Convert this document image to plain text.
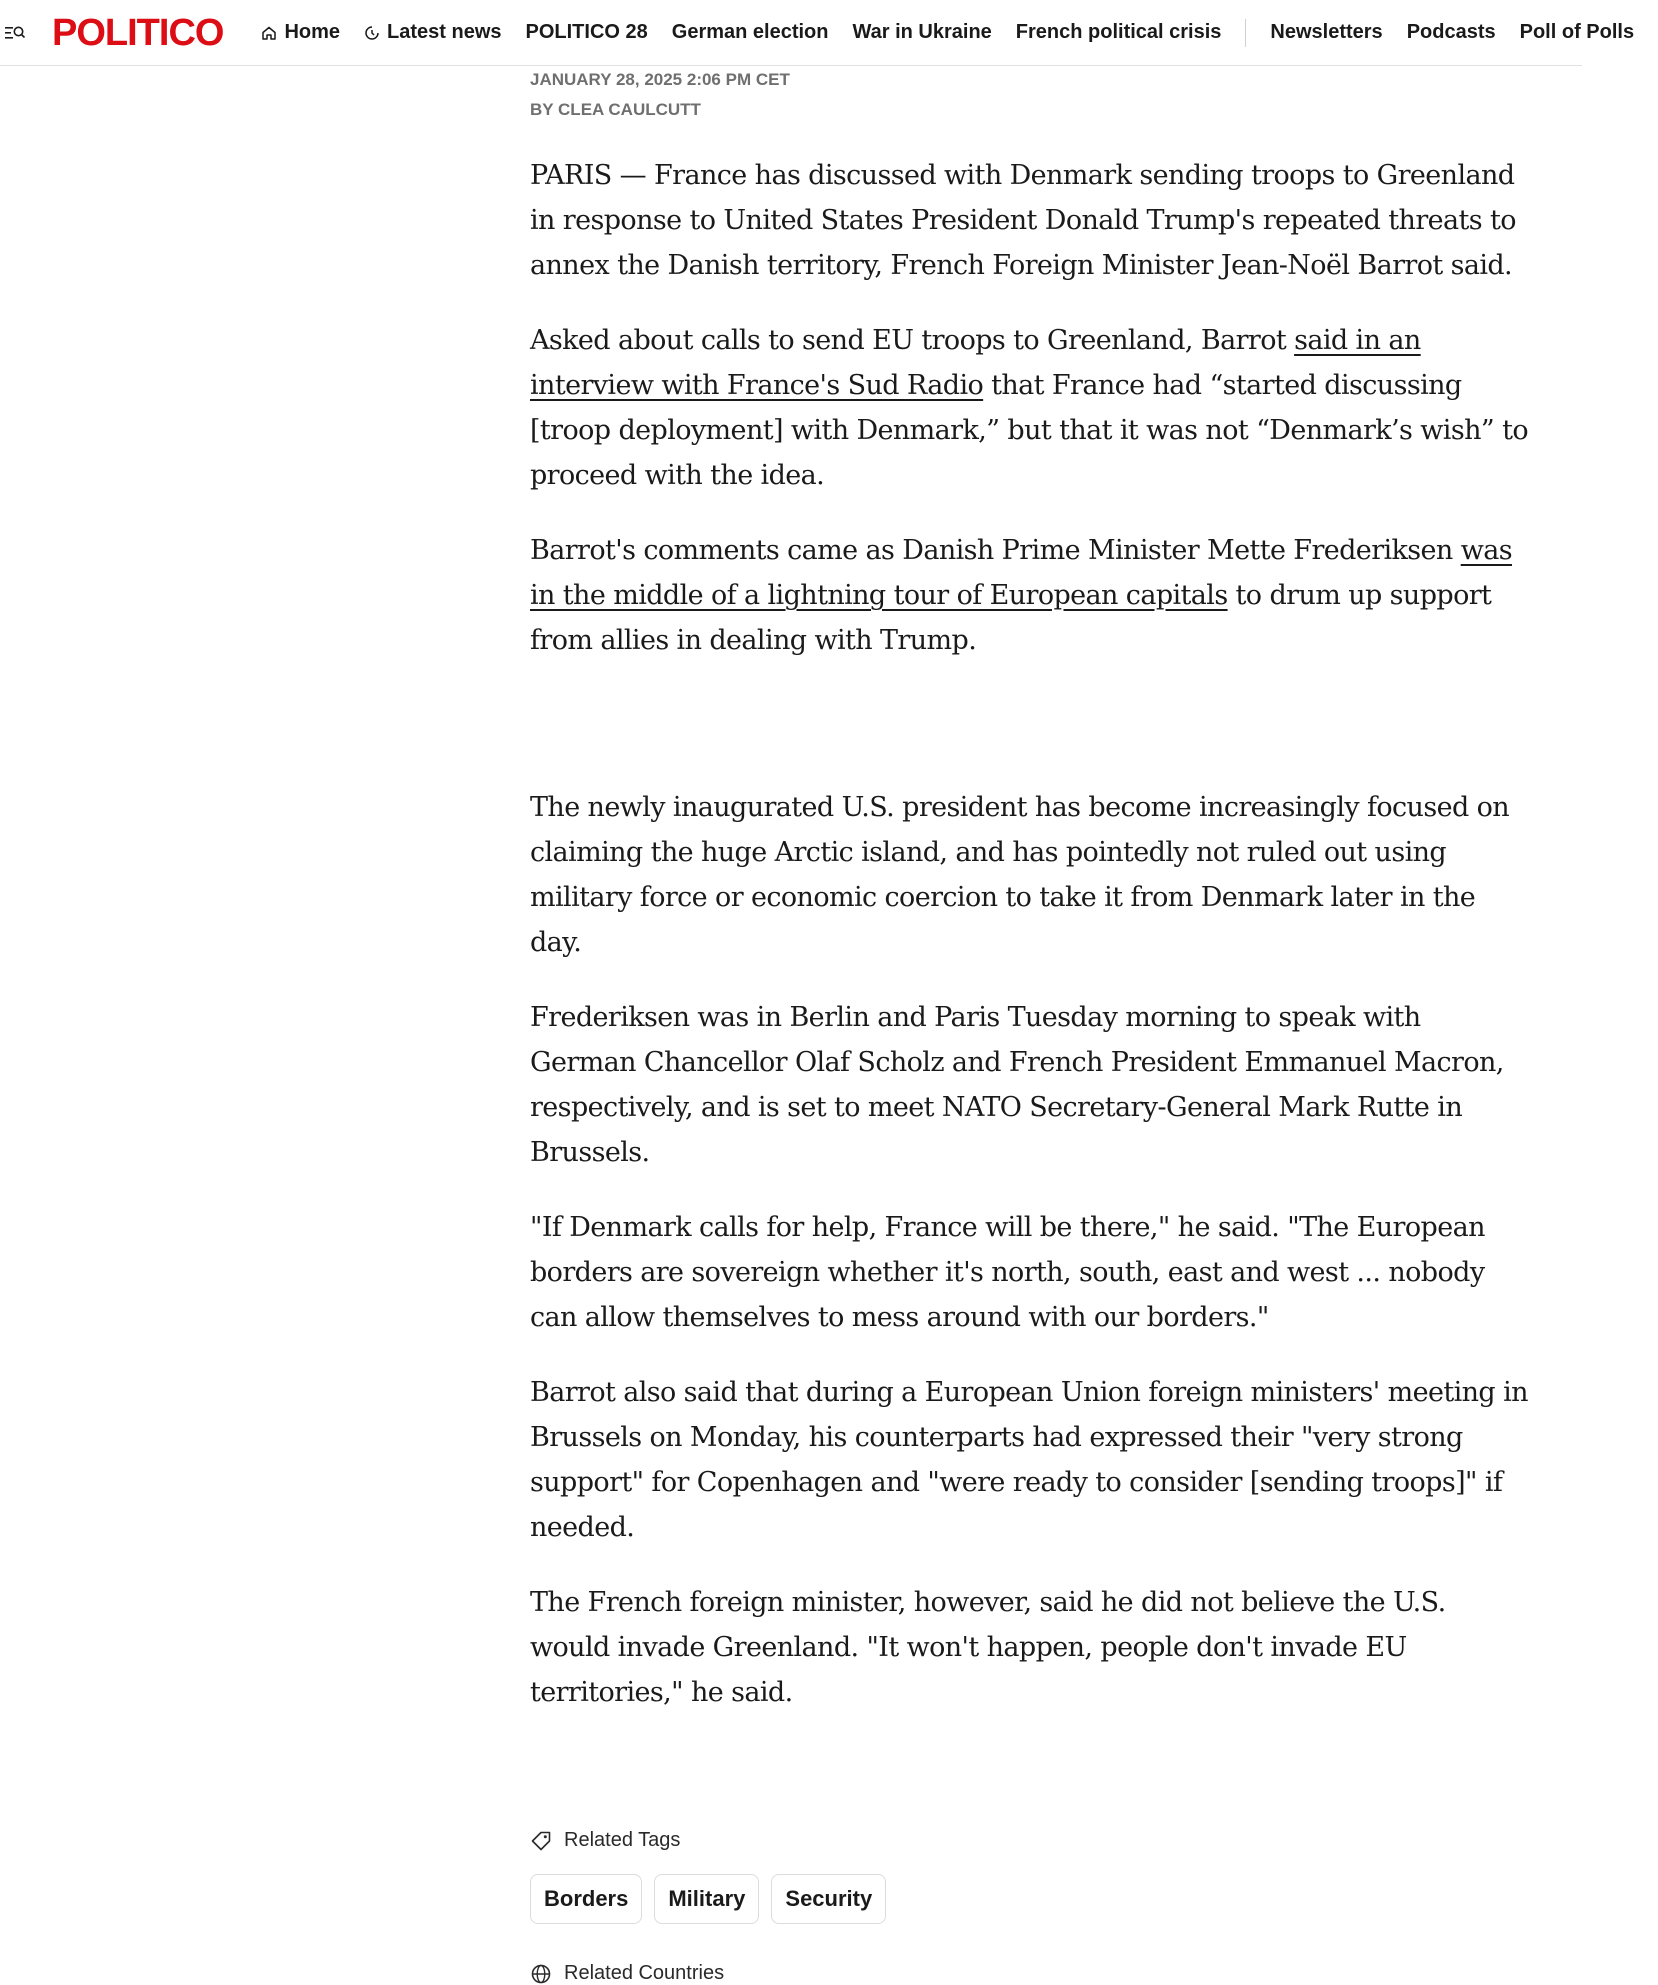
POLITICO	Home Latest news POLITICO 28 German election War in Ukraine French political crisis Newsletters Podcasts Poll of Polls
JANUARY 28, 2025 2:06 PM CET
BY CLEA CAULCUTT

PARIS — France has discussed with Denmark sending troops to Greenland in response to United States President Donald Trump's repeated threats to annex the Danish territory, French Foreign Minister Jean-Noël Barrot said.

Asked about calls to send EU troops to Greenland, Barrot said in an interview with France's Sud Radio that France had “started discussing [troop deployment] with Denmark,” but that it was not “Denmark’s wish” to proceed with the idea.

Barrot's comments came as Danish Prime Minister Mette Frederiksen was in the middle of a lightning tour of European capitals to drum up support from allies in dealing with Trump.

The newly inaugurated U.S. president has become increasingly focused on claiming the huge Arctic island, and has pointedly not ruled out using military force or economic coercion to take it from Denmark later in the day.

Frederiksen was in Berlin and Paris Tuesday morning to speak with German Chancellor Olaf Scholz and French President Emmanuel Macron, respectively, and is set to meet NATO Secretary-General Mark Rutte in Brussels.

"If Denmark calls for help, France will be there," he said. "The European borders are sovereign whether it's north, south, east and west ... nobody can allow themselves to mess around with our borders."

Barrot also said that during a European Union foreign ministers' meeting in Brussels on Monday, his counterparts had expressed their "very strong support" for Copenhagen and "were ready to consider [sending troops]" if needed.

The French foreign minister, however, said he did not believe the U.S. would invade Greenland. "It won't happen, people don't invade EU territories," he said.

Related Tags
Borders	Military	Security
Related Countries
